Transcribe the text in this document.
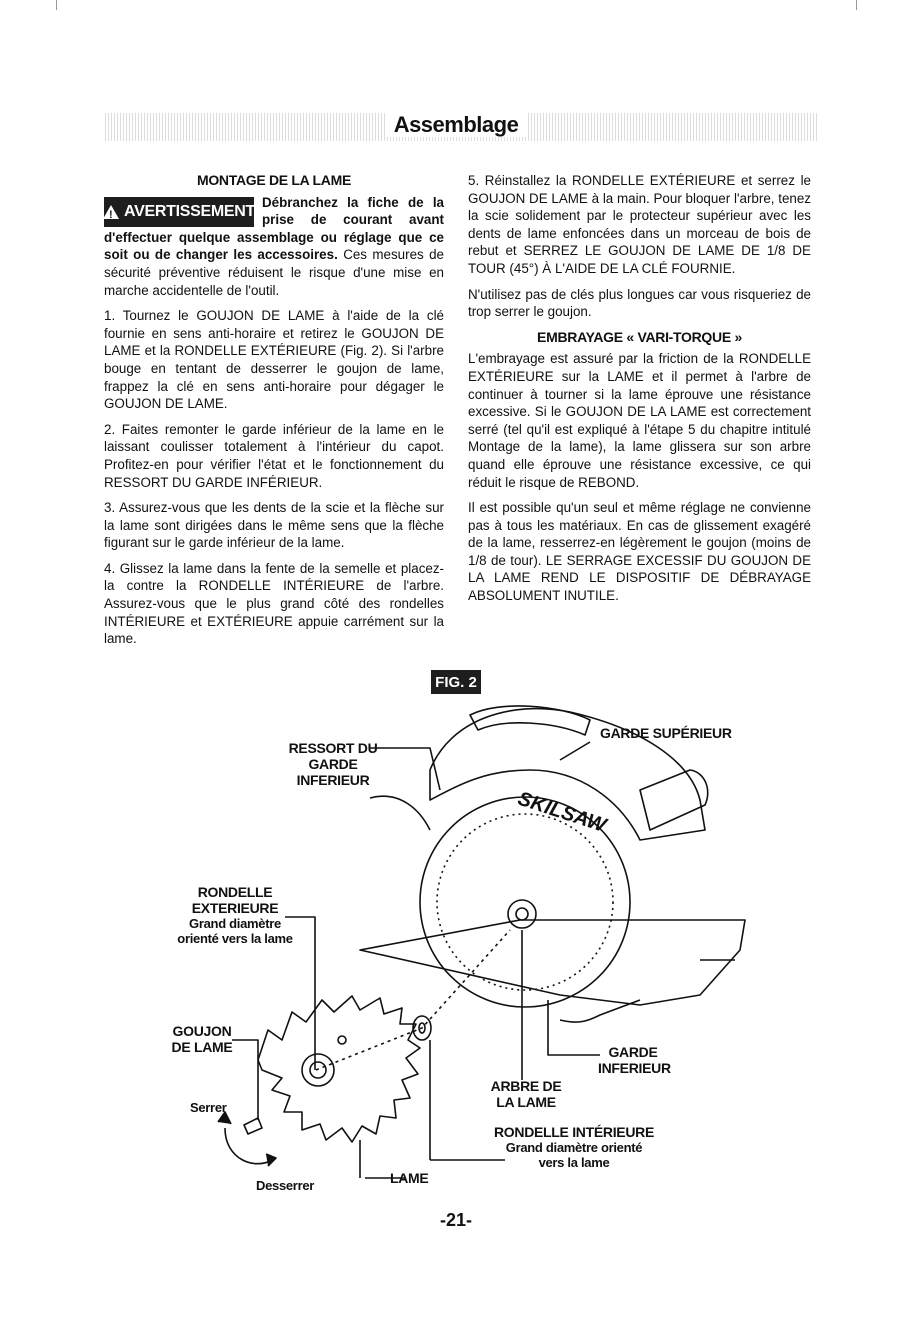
Assemblage
MONTAGE DE LA LAME
! AVERTISSEMENT
Débranchez la fiche de la prise de courant avant d'effectuer quelque assemblage ou réglage que ce soit ou de changer les accessoires. Ces mesures de sécurité préventive réduisent le risque d'une mise en marche accidentelle de l'outil.

1. Tournez le GOUJON DE LAME à l'aide de la clé fournie en sens anti-horaire et retirez le GOUJON DE LAME et la RONDELLE EXTÉRIEURE (Fig. 2). Si l'arbre bouge en tentant de desserrer le goujon de lame, frappez la clé en sens anti-horaire pour dégager le GOUJON DE LAME.

2. Faites remonter le garde inférieur de la lame en le laissant coulisser totalement à l'intérieur du capot. Profitez-en pour vérifier l'état et le fonctionnement du RESSORT DU GARDE INFÉRIEUR.

3. Assurez-vous que les dents de la scie et la flèche sur la lame sont dirigées dans le même sens que la flèche figurant sur le garde inférieur de la lame.

4. Glissez la lame dans la fente de la semelle et placez-la contre la RONDELLE INTÉRIEURE de l'arbre. Assurez-vous que le plus grand côté des rondelles INTÉRIEURE et EXTÉRIEURE appuie carrément sur la lame.

5. Réinstallez la RONDELLE EXTÉRIEURE et serrez le GOUJON DE LAME à la main. Pour bloquer l'arbre, tenez la scie solidement par le protecteur supérieur avec les dents de lame enfoncées dans un morceau de bois de rebut et SERREZ LE GOUJON DE LAME DE 1/8 DE TOUR (45°) À L'AIDE DE LA CLÉ FOURNIE.

N'utilisez pas de clés plus longues car vous risqueriez de trop serrer le goujon.

EMBRAYAGE « VARI-TORQUE »

L'embrayage est assuré par la friction de la RONDELLE EXTÉRIEURE sur la LAME et il permet à l'arbre de continuer à tourner si la lame éprouve une résistance excessive. Si le GOUJON DE LA LAME est correctement serré (tel qu'il est expliqué à l'étape 5 du chapitre intitulé Montage de la lame), la lame glissera sur son arbre quand elle éprouve une résistance excessive, ce qui réduit le risque de REBOND.

Il est possible qu'un seul et même réglage ne convienne pas à tous les matériaux. En cas de glissement exagéré de la lame, resserrez-en légèrement le goujon (moins de 1/8 de tour). LE SERRAGE EXCESSIF DU GOUJON DE LA LAME REND LE DISPOSITIF DE DÉBRAYAGE ABSOLUMENT INUTILE.

FIG. 2
SKILSAW
RESSORT DU
GARDE INFERIEUR
GARDE SUPÉRIEUR
RONDELLE
EXTERIEURE
Grand diamètre
orienté vers la lame
GOUJON
DE LAME
Serrer
Desserrer	LAME
GARDE
INFERIEUR
ARBRE DE
LA LAME
RONDELLE INTÉRIEURE
Grand diamètre orienté
vers la lame
-21-
